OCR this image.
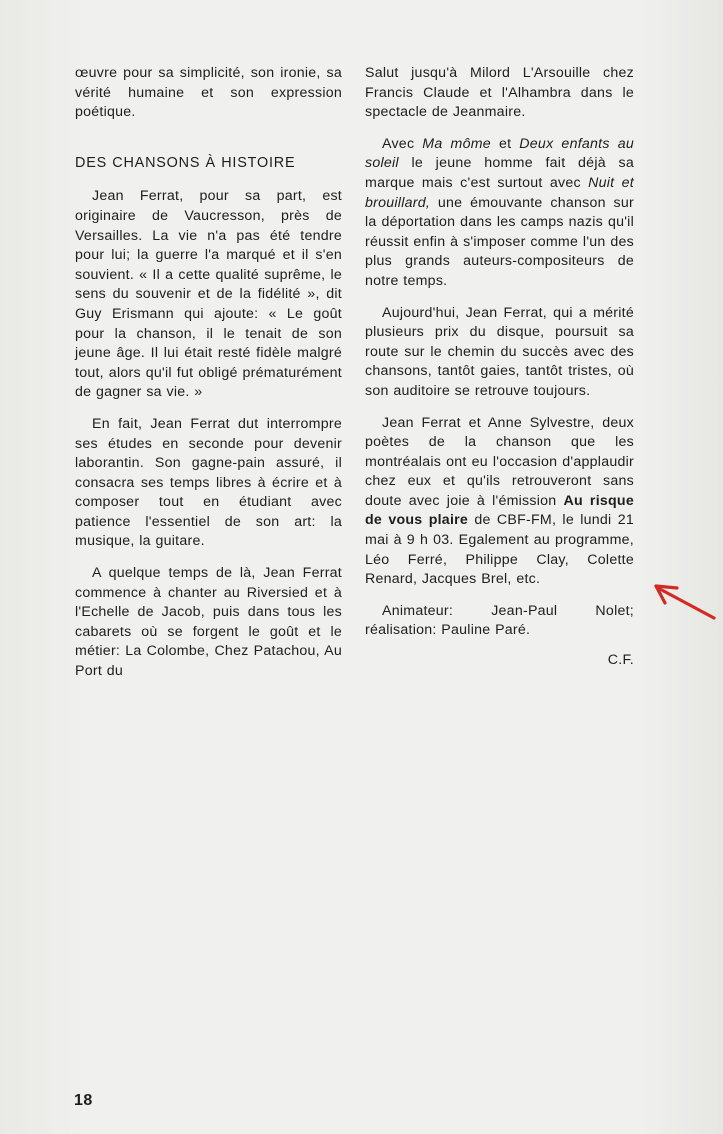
œuvre pour sa simplicité, son ironie, sa vérité humaine et son expression poétique.

DES CHANSONS À HISTOIRE

Jean Ferrat, pour sa part, est originaire de Vaucresson, près de Versailles. La vie n'a pas été tendre pour lui; la guerre l'a marqué et il s'en souvient. « Il a cette qualité suprême, le sens du souvenir et de la fidélité », dit Guy Erismann qui ajoute: « Le goût pour la chanson, il le tenait de son jeune âge. Il lui était resté fidèle malgré tout, alors qu'il fut obligé prématurément de gagner sa vie. »

En fait, Jean Ferrat dut interrompre ses études en seconde pour devenir laborantin. Son gagne-pain assuré, il consacra ses temps libres à écrire et à composer tout en étudiant avec patience l'essentiel de son art: la musique, la guitare.

A quelque temps de là, Jean Ferrat commence à chanter au Riversied et à l'Echelle de Jacob, puis dans tous les cabarets où se forgent le goût et le métier: La Colombe, Chez Patachou, Au Port du

Salut jusqu'à Milord L'Arsouille chez Francis Claude et l'Alhambra dans le spectacle de Jeanmaire.

Avec Ma môme et Deux enfants au soleil le jeune homme fait déjà sa marque mais c'est surtout avec Nuit et brouillard, une émouvante chanson sur la déportation dans les camps nazis qu'il réussit enfin à s'imposer comme l'un des plus grands auteurs-compositeurs de notre temps.

Aujourd'hui, Jean Ferrat, qui a mérité plusieurs prix du disque, poursuit sa route sur le chemin du succès avec des chansons, tantôt gaies, tantôt tristes, où son auditoire se retrouve toujours.

Jean Ferrat et Anne Sylvestre, deux poètes de la chanson que les montréalais ont eu l'occasion d'applaudir chez eux et qu'ils retrouveront sans doute avec joie à l'émission Au risque de vous plaire de CBF-FM, le lundi 21 mai à 9 h 03. Egalement au programme, Léo Ferré, Philippe Clay, Colette Renard, Jacques Brel, etc.

Animateur: Jean-Paul Nolet; réalisation: Pauline Paré.

C.F.
18
